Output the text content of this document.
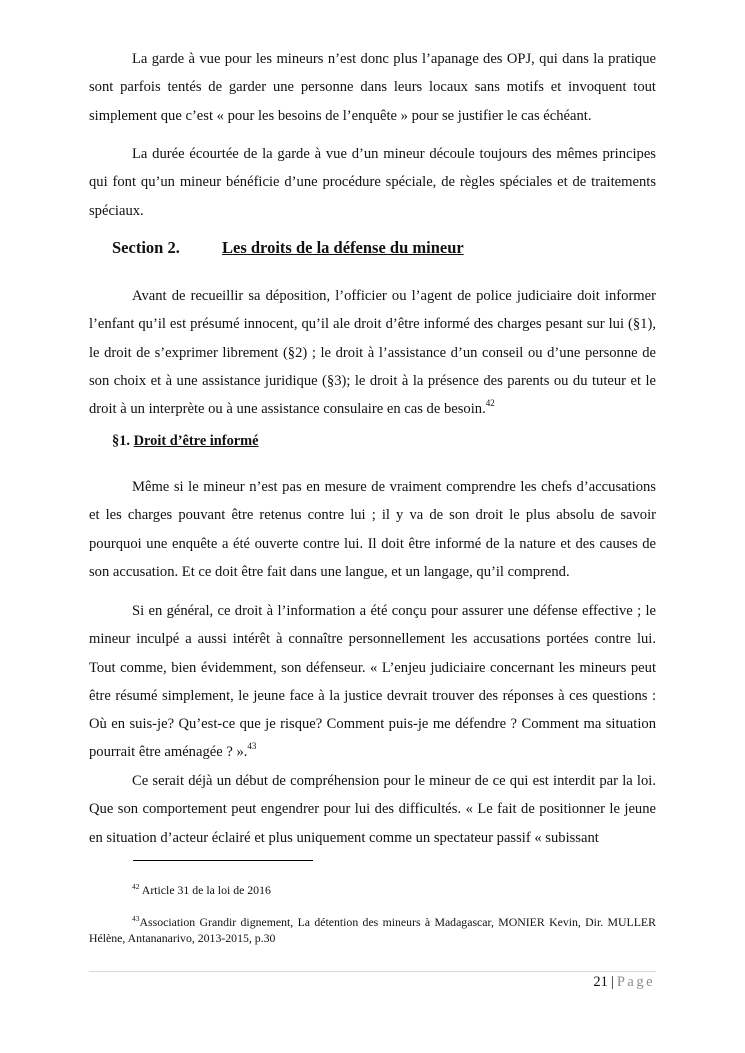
La garde à vue pour les mineurs n’est donc plus l’apanage des OPJ, qui dans la pratique sont parfois tentés de garder une personne dans leurs locaux sans motifs et invoquent tout simplement que c’est « pour les besoins de l’enquête » pour se justifier le cas échéant.

La durée écourtée de la garde à vue d’un mineur découle toujours des mêmes principes qui font qu’un mineur bénéficie d’une procédure spéciale, de règles spéciales et de traitements spéciaux.

Section 2.	Les droits de la défense du mineur

Avant de recueillir sa déposition, l’officier ou l’agent de police judiciaire doit informer l’enfant qu’il est présumé innocent, qu’il ale droit d’être informé des charges pesant sur lui (§1), le droit de s’exprimer librement (§2) ; le droit à l’assistance d’un conseil ou d’une personne de son choix et à une assistance juridique (§3); le droit à la présence des parents ou du tuteur et le droit à un interprète ou à une assistance consulaire en cas de besoin.$^{42}$

§1. Droit d’être informé

Même si le mineur n’est pas en mesure de vraiment comprendre les chefs d’accusations et les charges pouvant être retenus contre lui ; il y va de son droit le plus absolu de savoir pourquoi une enquête a été ouverte contre lui. Il doit être informé de la nature et des causes de son accusation. Et ce doit être fait dans une langue, et un langage, qu’il comprend.

Si en général, ce droit à l’information a été conçu pour assurer une défense effective ; le mineur inculpé a aussi intérêt à connaître personnellement les accusations portées contre lui. Tout comme, bien évidemment, son défenseur. « L’enjeu judiciaire concernant les mineurs peut être résumé simplement, le jeune face à la justice devrait trouver des réponses à ces questions : Où en suis-je? Qu’est-ce que je risque? Comment puis-je me défendre ? Comment ma situation pourrait être aménagée ? ».$^{43}$

Ce serait déjà un début de compréhension pour le mineur de ce qui est interdit par la loi. Que son comportement peut engendrer pour lui des difficultés. « Le fait de positionner le jeune en situation d’acteur éclairé et plus uniquement comme un spectateur passif « subissant

$^{42}$ Article 31 de la loi de 2016

$^{43}$Association Grandir dignement, La détention des mineurs à Madagascar, MONIER Kevin, Dir. MULLER Hélène, Antananarivo, 2013-2015, p.30

21 | Page
